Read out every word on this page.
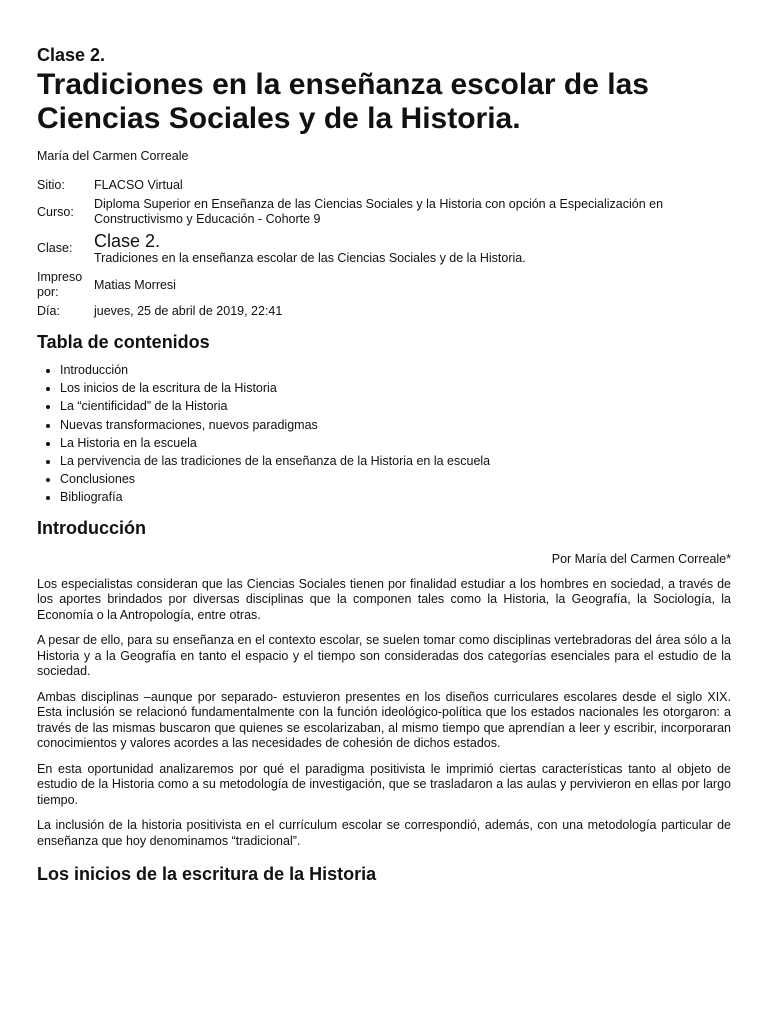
Clase 2.
Tradiciones en la enseñanza escolar de las Ciencias Sociales y de la Historia.
María del Carmen Correale
Sitio:	FLACSO Virtual
Curso:	Diploma Superior en Enseñanza de las Ciencias Sociales y la Historia con opción a Especialización en Constructivismo y Educación - Cohorte 9
Clase:	Clase 2.
Tradiciones en la enseñanza escolar de las Ciencias Sociales y de la Historia.

Impreso
por:	Matias Morresi
Día:	jueves, 25 de abril de 2019, 22:41
Tabla de contenidos
• Introducción
• Los inicios de la escritura de la Historia
• La “cientificidad” de la Historia
• Nuevas transformaciones, nuevos paradigmas
• La Historia en la escuela
• La pervivencia de las tradiciones de la enseñanza de la Historia en la escuela
• Conclusiones
• Bibliografía
Introducción
Por María del Carmen Correale*

Los especialistas consideran que las Ciencias Sociales tienen por finalidad estudiar a los hombres en sociedad, a través de los aportes brindados por diversas disciplinas que la componen tales como la Historia, la Geografía, la Sociología, la Economía o la Antropología, entre otras.

A pesar de ello, para su enseñanza en el contexto escolar, se suelen tomar como disciplinas vertebradoras del área sólo a la Historia y a la Geografía en tanto el espacio y el tiempo son consideradas dos categorías esenciales para el estudio de la sociedad.

Ambas disciplinas –aunque por separado- estuvieron presentes en los diseños curriculares escolares desde el siglo XIX. Esta inclusión se relacionó fundamentalmente con la función ideológico-política que los estados nacionales les otorgaron: a través de las mismas buscaron que quienes se escolarizaban, al mismo tiempo que aprendían a leer y escribir, incorporaran conocimientos y valores acordes a las necesidades de cohesión de dichos estados.

En esta oportunidad analizaremos por qué el paradigma positivista le imprimió ciertas características tanto al objeto de estudio de la Historia como a su metodología de investigación, que se trasladaron a las aulas y pervivieron en ellas por largo tiempo.

La inclusión de la historia positivista en el currículum escolar se correspondió, además, con una metodología particular de enseñanza que hoy denominamos “tradicional”.

Los inicios de la escritura de la Historia
